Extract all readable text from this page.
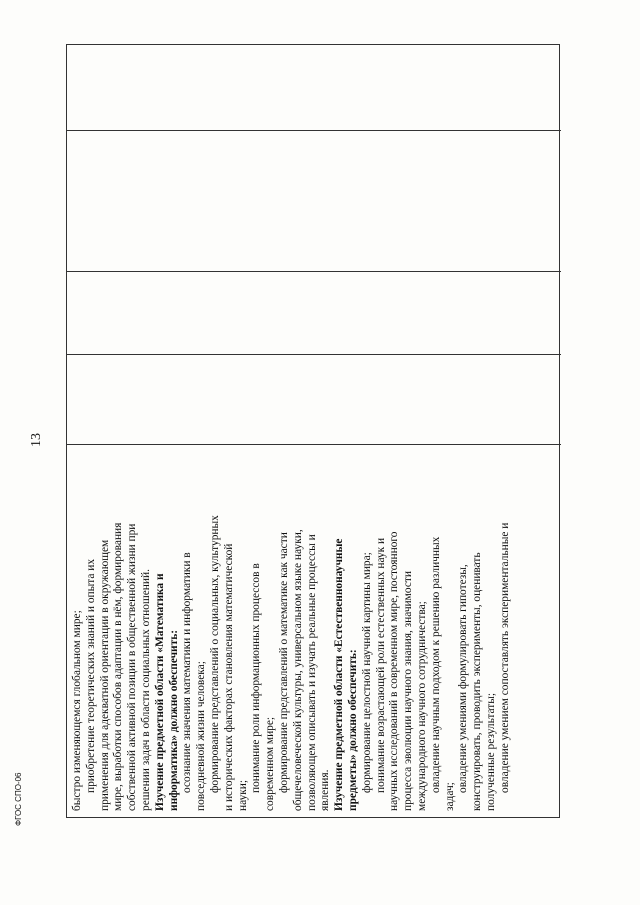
13

быстро изменяющемся глобальном мире; приобретение теоретических знаний и опыта их применения для адекватной ориентации в окружающем мире, выработки способов адаптации в нём, формирования собственной активной позиции в общественной жизни при решении задач в области социальных отношений. Изучение предметной области «Математика и информатика» должно обеспечить: осознание значения математики и информатики в повседневной жизни человека; формирование представлений о социальных, культурных и исторических факторах становления математической науки;

понимание роли информационных процессов в современном мире; формирование представлений о математике как части общечеловеческой культуры, универсальном языке науки, позволяющем описывать и изучать реальные процессы и явления. Изучение предметной области «Естественнонаучные предметы» должно обеспечить: формирование целостной научной картины мира; понимание возрастающей роли естественных наук и научных исследований в современном мире, постоянного процесса эволюции научного знания, значимости международного научного сотрудничества; овладение научным подходом к решению различных

задач;

овладение умениями формулировать гипотезы, конструировать, проводить эксперименты, оценивать полученные результаты; овладение умением сопоставлять экспериментальные и

ФГОС СПО-06
